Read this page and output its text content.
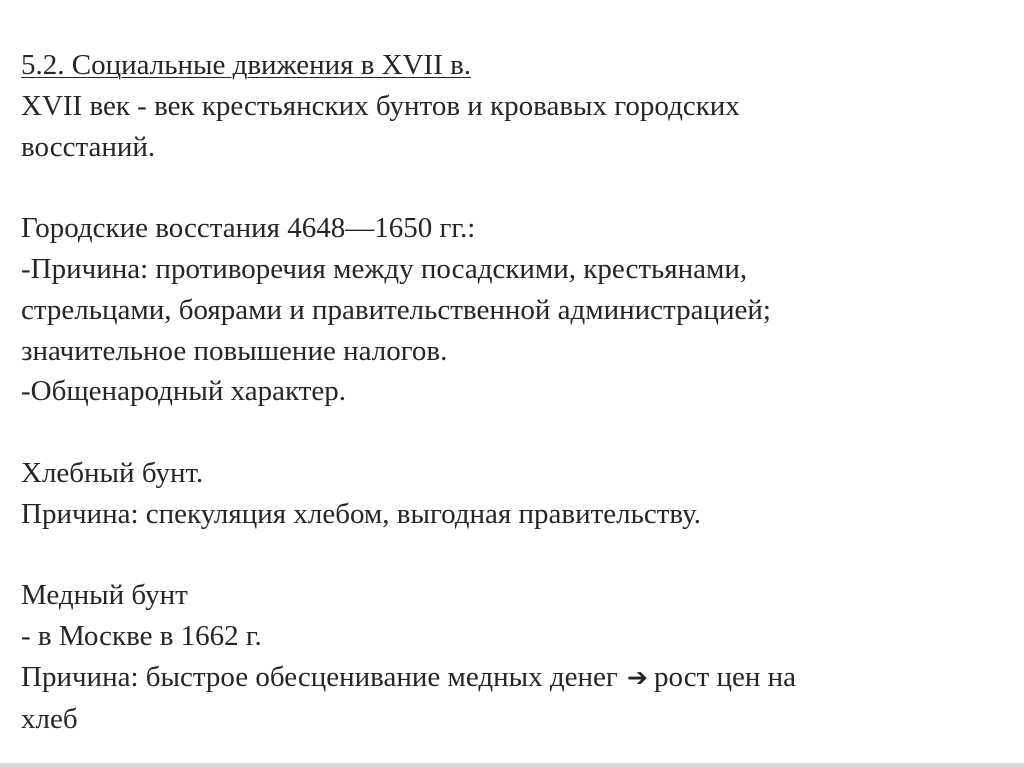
5.2. Социальные движения в XVII в.
XVII век - век крестьянских бунтов и кровавых городских
восстаний.
Городские восстания 4648—1650 гг.:
-Причина: противоречия между посадскими, крестьянами,
стрельцами, боярами и правительственной администрацией;
значительное повышение налогов.
-Общенародный характер.
Хлебный бунт.
Причина: спекуляция хлебом, выгодная правительству.
Медный бунт
- в Москве в 1662 г.
Причина: быстрое обесценивание медных денег ➔ рост цен на
хлеб
